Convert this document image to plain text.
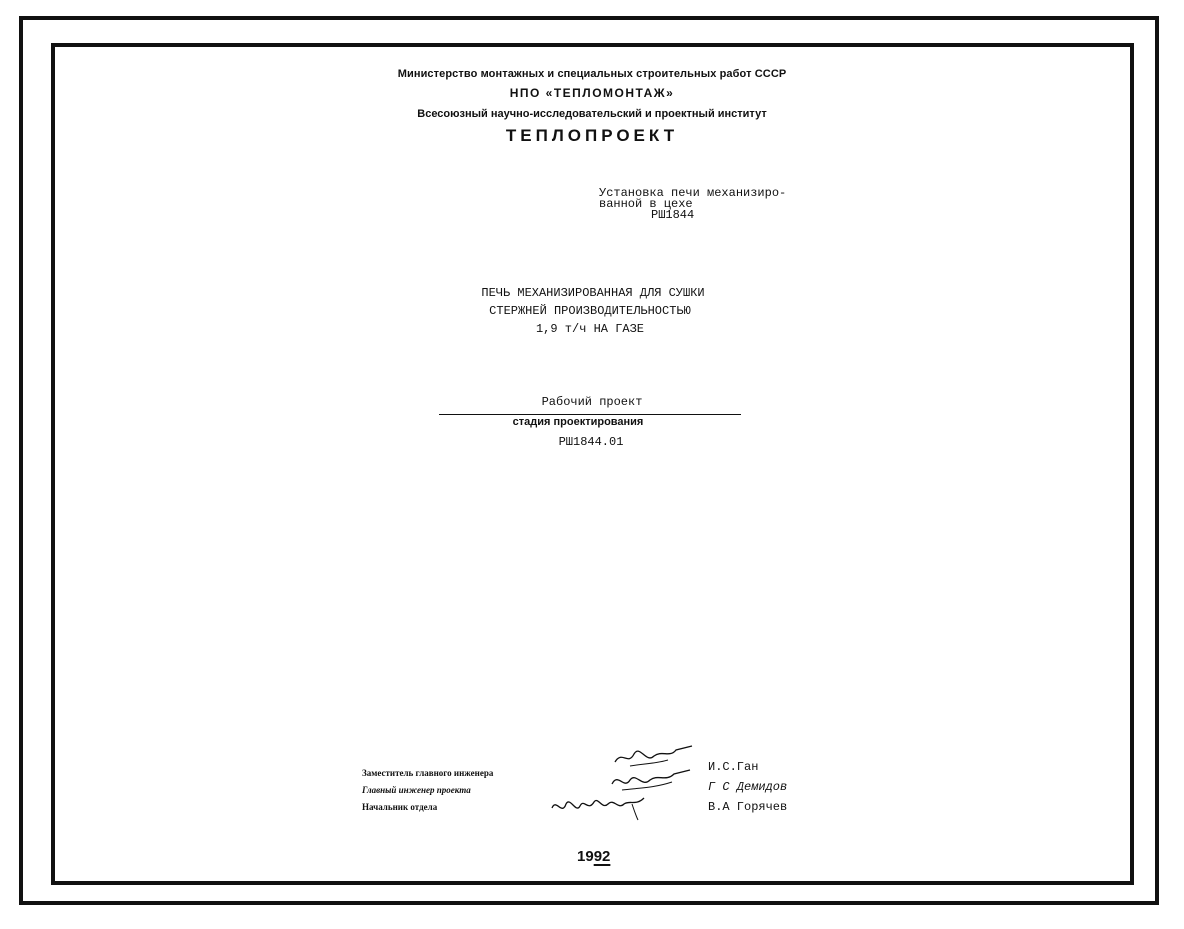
Министерство монтажных и специальных строительных работ СССР
НПО «ТЕПЛОМОНТАЖ»
Всесоюзный научно-исследовательский и проектный институт
ТЕПЛОПРОЕКТ
Установка печи механизиро-
ванной в цехе
РШ1844
ПЕЧЬ МЕХАНИЗИРОВАННАЯ ДЛЯ СУШКИ
СТЕРЖНЕЙ ПРОИЗВОДИТЕЛЬНОСТЬЮ
1,9 т/ч НА ГАЗЕ
Рабочий проект
стадия проектирования
РШ1844.01
Заместитель главного инженера
Главный инженер проекта
Начальник отдела
И.С.Ган
Г С Демидов
В.А Горячев
1992
